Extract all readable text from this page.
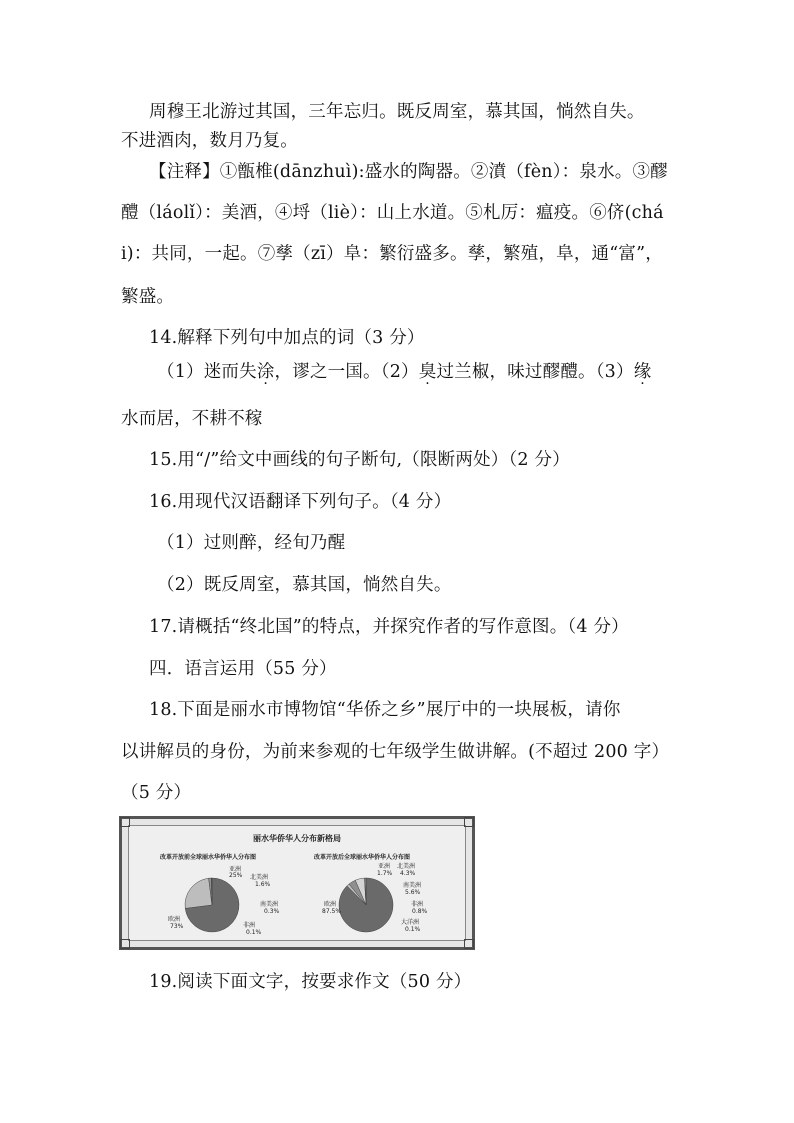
周穆王北游过其国，三年忘归。既反周室，慕其国，惝然自失。
不进酒肉，数月乃复。
【注释】①甑椎(dānzhuì):盛水的陶器。②濆（fèn）：泉水。③醪
醴（láolǐ）：美酒，④埒（liè）：山上水道。⑤札厉：瘟疫。⑥侪(chá
i)：共同，一起。⑦孳（zī）阜：繁衍盛多。孳，繁殖，阜，通“富”，
繁盛。
14.解释下列句中加点的词（3 分）
（1）迷而失涂，谬之一国。（2）臭过兰椒，味过醪醴。（3）缘
水而居，不耕不稼
15.用“/”给文中画线的句子断句,（限断两处）（2 分）
16.用现代汉语翻译下列句子。（4 分）
（1）过则醉，经旬乃醒
（2）既反周室，慕其国，惝然自失。
17.请概括“终北国”的特点，并探究作者的写作意图。（4 分）
四．语言运用（55 分）
18.下面是丽水市博物馆“华侨之乡”展厅中的一块展板，请你
以讲解员的身份，为前来参观的七年级学生做讲解。(不超过 200 字）
（5 分）
丽水华侨华人分布新格局
改革开放前全球丽水华侨华人分布图	改革开放后全球丽水华侨华人分布图
亚洲
25% 北美洲
1.6%
南美洲
0.3%
欧洲
73%	非洲
0.1%
亚洲
1.7%
北美洲
4.3%
南美洲
5.6%
非洲
0.8%
大洋洲
0.1%
欧洲
87.5%
19.阅读下面文字，按要求作文（50 分）
